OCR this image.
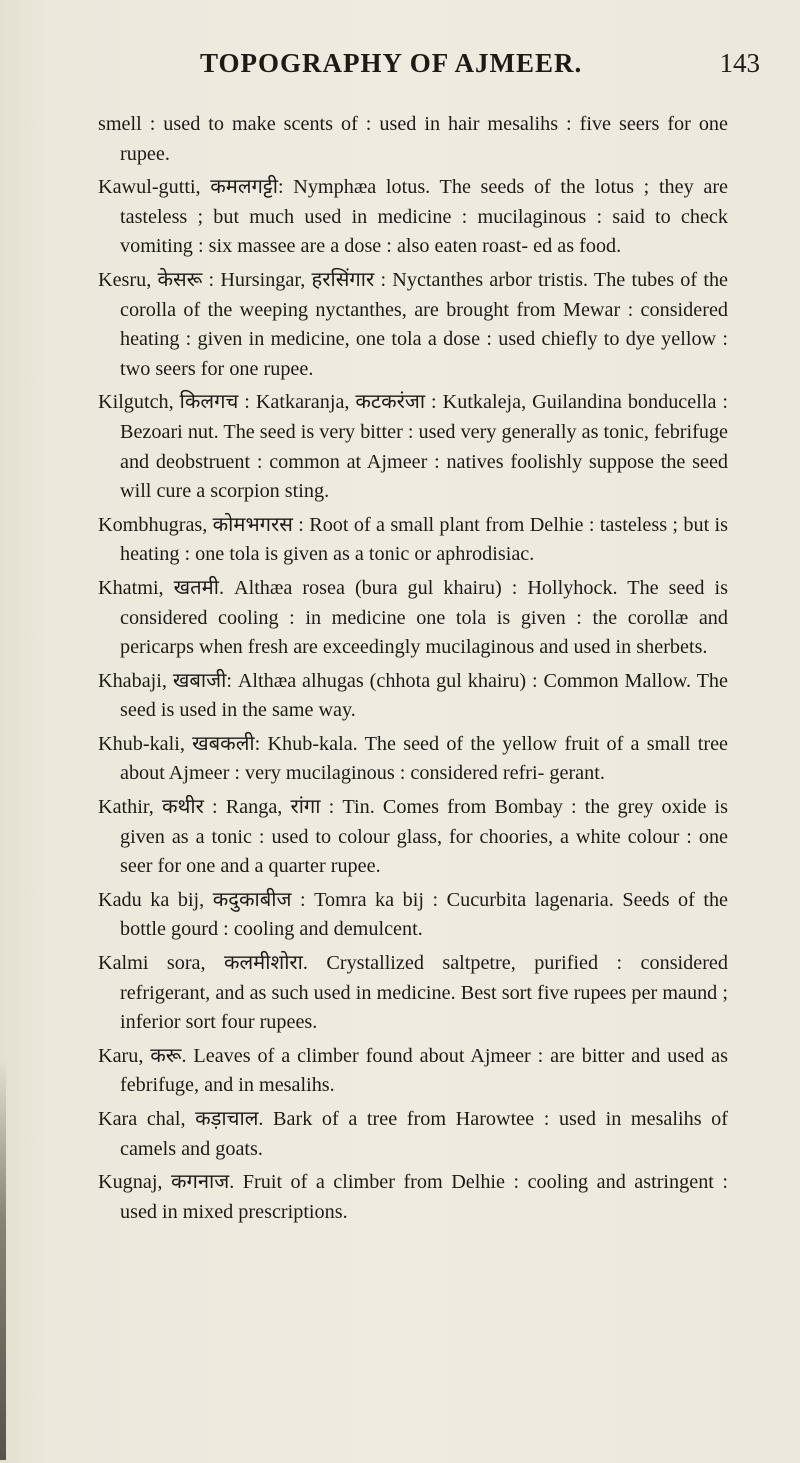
TOPOGRAPHY OF AJMEER.	143

smell : used to make scents of : used in hair mesalihs : five seers for one rupee.

Kawul-gutti, कमलगट्टी: Nymphæa lotus. The seeds of the lotus ; they are tasteless ; but much used in medicine : mucilaginous : said to check vomiting : six massee are a dose : also eaten roast- ed as food.

Kesru, केसरू : Hursingar, हरसिंगार : Nyctanthes arbor tristis. The tubes of the corolla of the weeping nyctanthes, are brought from Mewar : considered heating : given in medicine, one tola a dose : used chiefly to dye yellow : two seers for one rupee.

Kilgutch, किलगच : Katkaranja, कटकरंजा : Kutkaleja, Guilandina bonducella : Bezoari nut. The seed is very bitter : used very generally as tonic, febrifuge and deobstruent : common at Ajmeer : natives foolishly suppose the seed will cure a scorpion sting.

Kombhugras, कोमभगरस : Root of a small plant from Delhie : tasteless ; but is heating : one tola is given as a tonic or aphrodisiac.

Khatmi, खतमी. Althæa rosea (bura gul khairu) : Hollyhock. The seed is considered cooling : in medicine one tola is given : the corollæ and pericarps when fresh are exceedingly mucilaginous and used in sherbets.

Khabaji, खबाजी: Althæa alhugas (chhota gul khairu) : Common Mallow. The seed is used in the same way.

Khub-kali, खबकली: Khub-kala. The seed of the yellow fruit of a small tree about Ajmeer : very mucilaginous : considered refri- gerant.

Kathir, कथीर : Ranga, रांगा : Tin. Comes from Bombay : the grey oxide is given as a tonic : used to colour glass, for choories, a white colour : one seer for one and a quarter rupee.

Kadu ka bij, कदुकाबीज : Tomra ka bij : Cucurbita lagenaria. Seeds of the bottle gourd : cooling and demulcent.

Kalmi sora, कलमीशोरा. Crystallized saltpetre, purified : considered refrigerant, and as such used in medicine. Best sort five rupees per maund ; inferior sort four rupees.

Karu, करू. Leaves of a climber found about Ajmeer : are bitter and used as febrifuge, and in mesalihs.

Kara chal, कड़ाचाल. Bark of a tree from Harowtee : used in mesalihs of camels and goats.

Kugnaj, कगनाज. Fruit of a climber from Delhie : cooling and astringent : used in mixed prescriptions.
